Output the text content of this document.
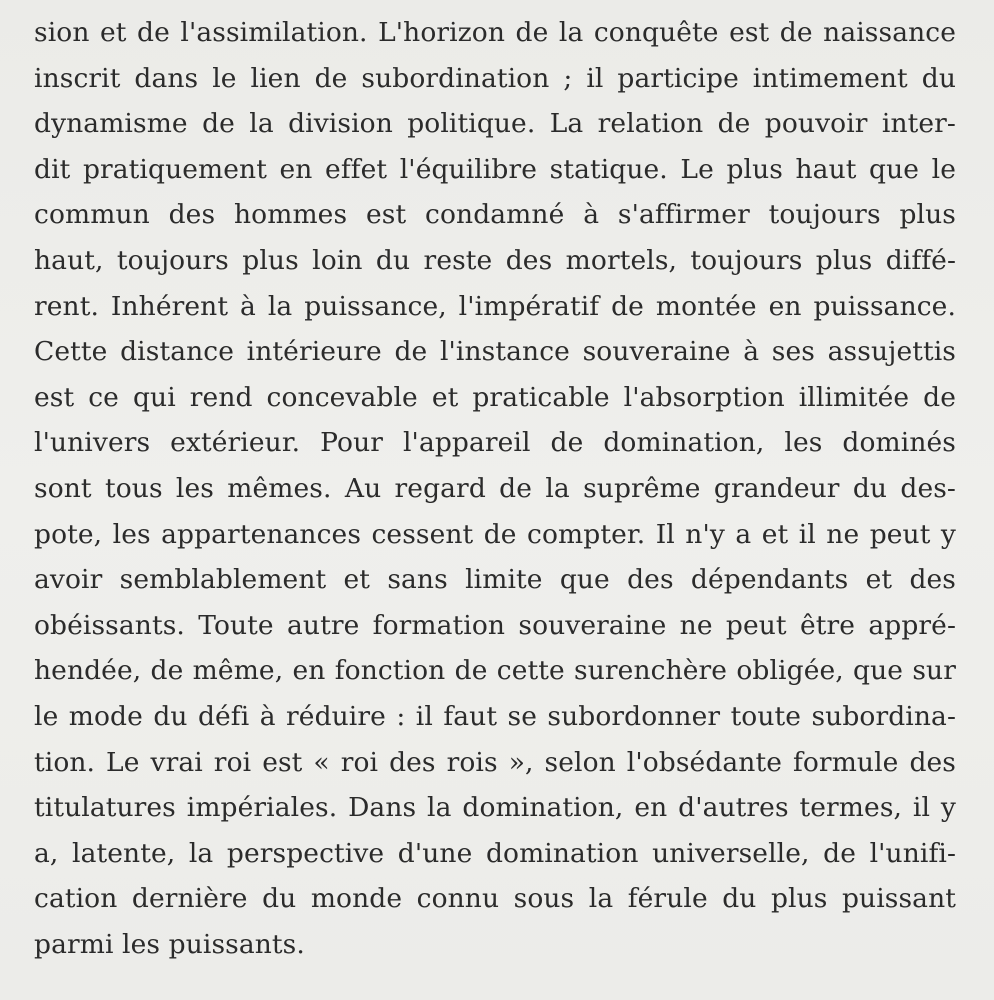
sion et de l'assimilation. L'horizon de la conquête est de naissance
inscrit dans le lien de subordination ; il participe intimement du
dynamisme de la division politique. La relation de pouvoir inter-
dit pratiquement en effet l'équilibre statique. Le plus haut que le
commun des hommes est condamné à s'affirmer toujours plus
haut, toujours plus loin du reste des mortels, toujours plus diffé-
rent. Inhérent à la puissance, l'impératif de montée en puissance.
Cette distance intérieure de l'instance souveraine à ses assujettis
est ce qui rend concevable et praticable l'absorption illimitée de
l'univers extérieur. Pour l'appareil de domination, les dominés
sont tous les mêmes. Au regard de la suprême grandeur du des-
pote, les appartenances cessent de compter. Il n'y a et il ne peut y
avoir semblablement et sans limite que des dépendants et des
obéissants. Toute autre formation souveraine ne peut être appré-
hendée, de même, en fonction de cette surenchère obligée, que sur
le mode du défi à réduire : il faut se subordonner toute subordina-
tion. Le vrai roi est « roi des rois », selon l'obsédante formule des
titulatures impériales. Dans la domination, en d'autres termes, il y
a, latente, la perspective d'une domination universelle, de l'unifi-
cation dernière du monde connu sous la férule du plus puissant
parmi les puissants.
